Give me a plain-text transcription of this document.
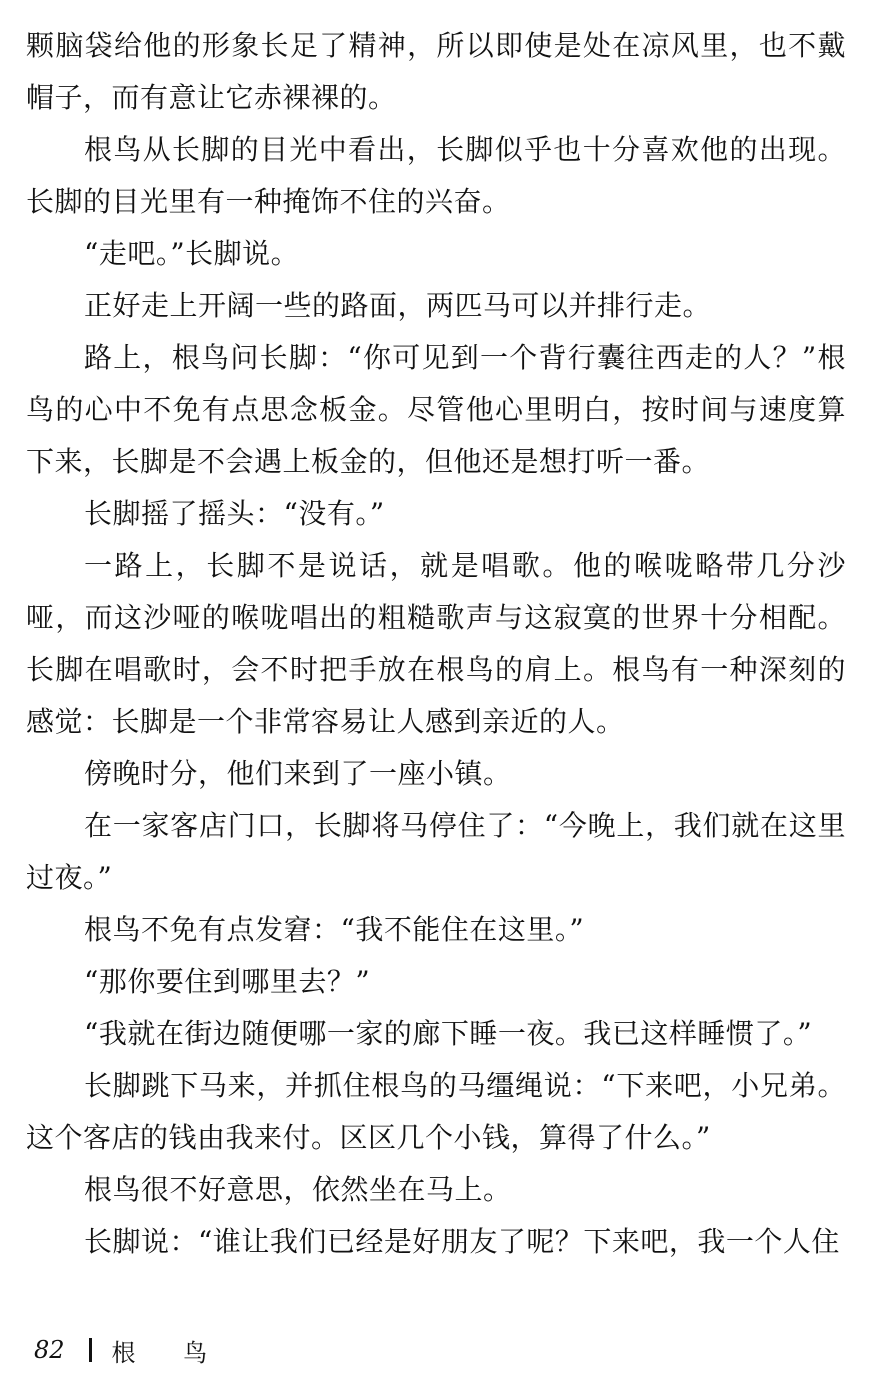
颗脑袋给他的形象长足了精神，所以即使是处在凉风里，也不戴帽子，而有意让它赤裸裸的。

根鸟从长脚的目光中看出，长脚似乎也十分喜欢他的出现。长脚的目光里有一种掩饰不住的兴奋。

“走吧。”长脚说。

正好走上开阔一些的路面，两匹马可以并排行走。

路上，根鸟问长脚：“你可见到一个背行囊往西走的人？”根鸟的心中不免有点思念板金。尽管他心里明白，按时间与速度算下来，长脚是不会遇上板金的，但他还是想打听一番。

长脚摇了摇头：“没有。”

一路上，长脚不是说话，就是唱歌。他的喉咙略带几分沙哑，而这沙哑的喉咙唱出的粗糙歌声与这寂寞的世界十分相配。长脚在唱歌时，会不时把手放在根鸟的肩上。根鸟有一种深刻的感觉：长脚是一个非常容易让人感到亲近的人。

傍晚时分，他们来到了一座小镇。

在一家客店门口，长脚将马停住了：“今晚上，我们就在这里过夜。”

根鸟不免有点发窘：“我不能住在这里。”

“那你要住到哪里去？”

“我就在街边随便哪一家的廊下睡一夜。我已这样睡惯了。”

长脚跳下马来，并抓住根鸟的马缰绳说：“下来吧，小兄弟。这个客店的钱由我来付。区区几个小钱，算得了什么。”

根鸟很不好意思，依然坐在马上。

长脚说：“谁让我们已经是好朋友了呢？下来吧，我一个人住

82 根 鸟
